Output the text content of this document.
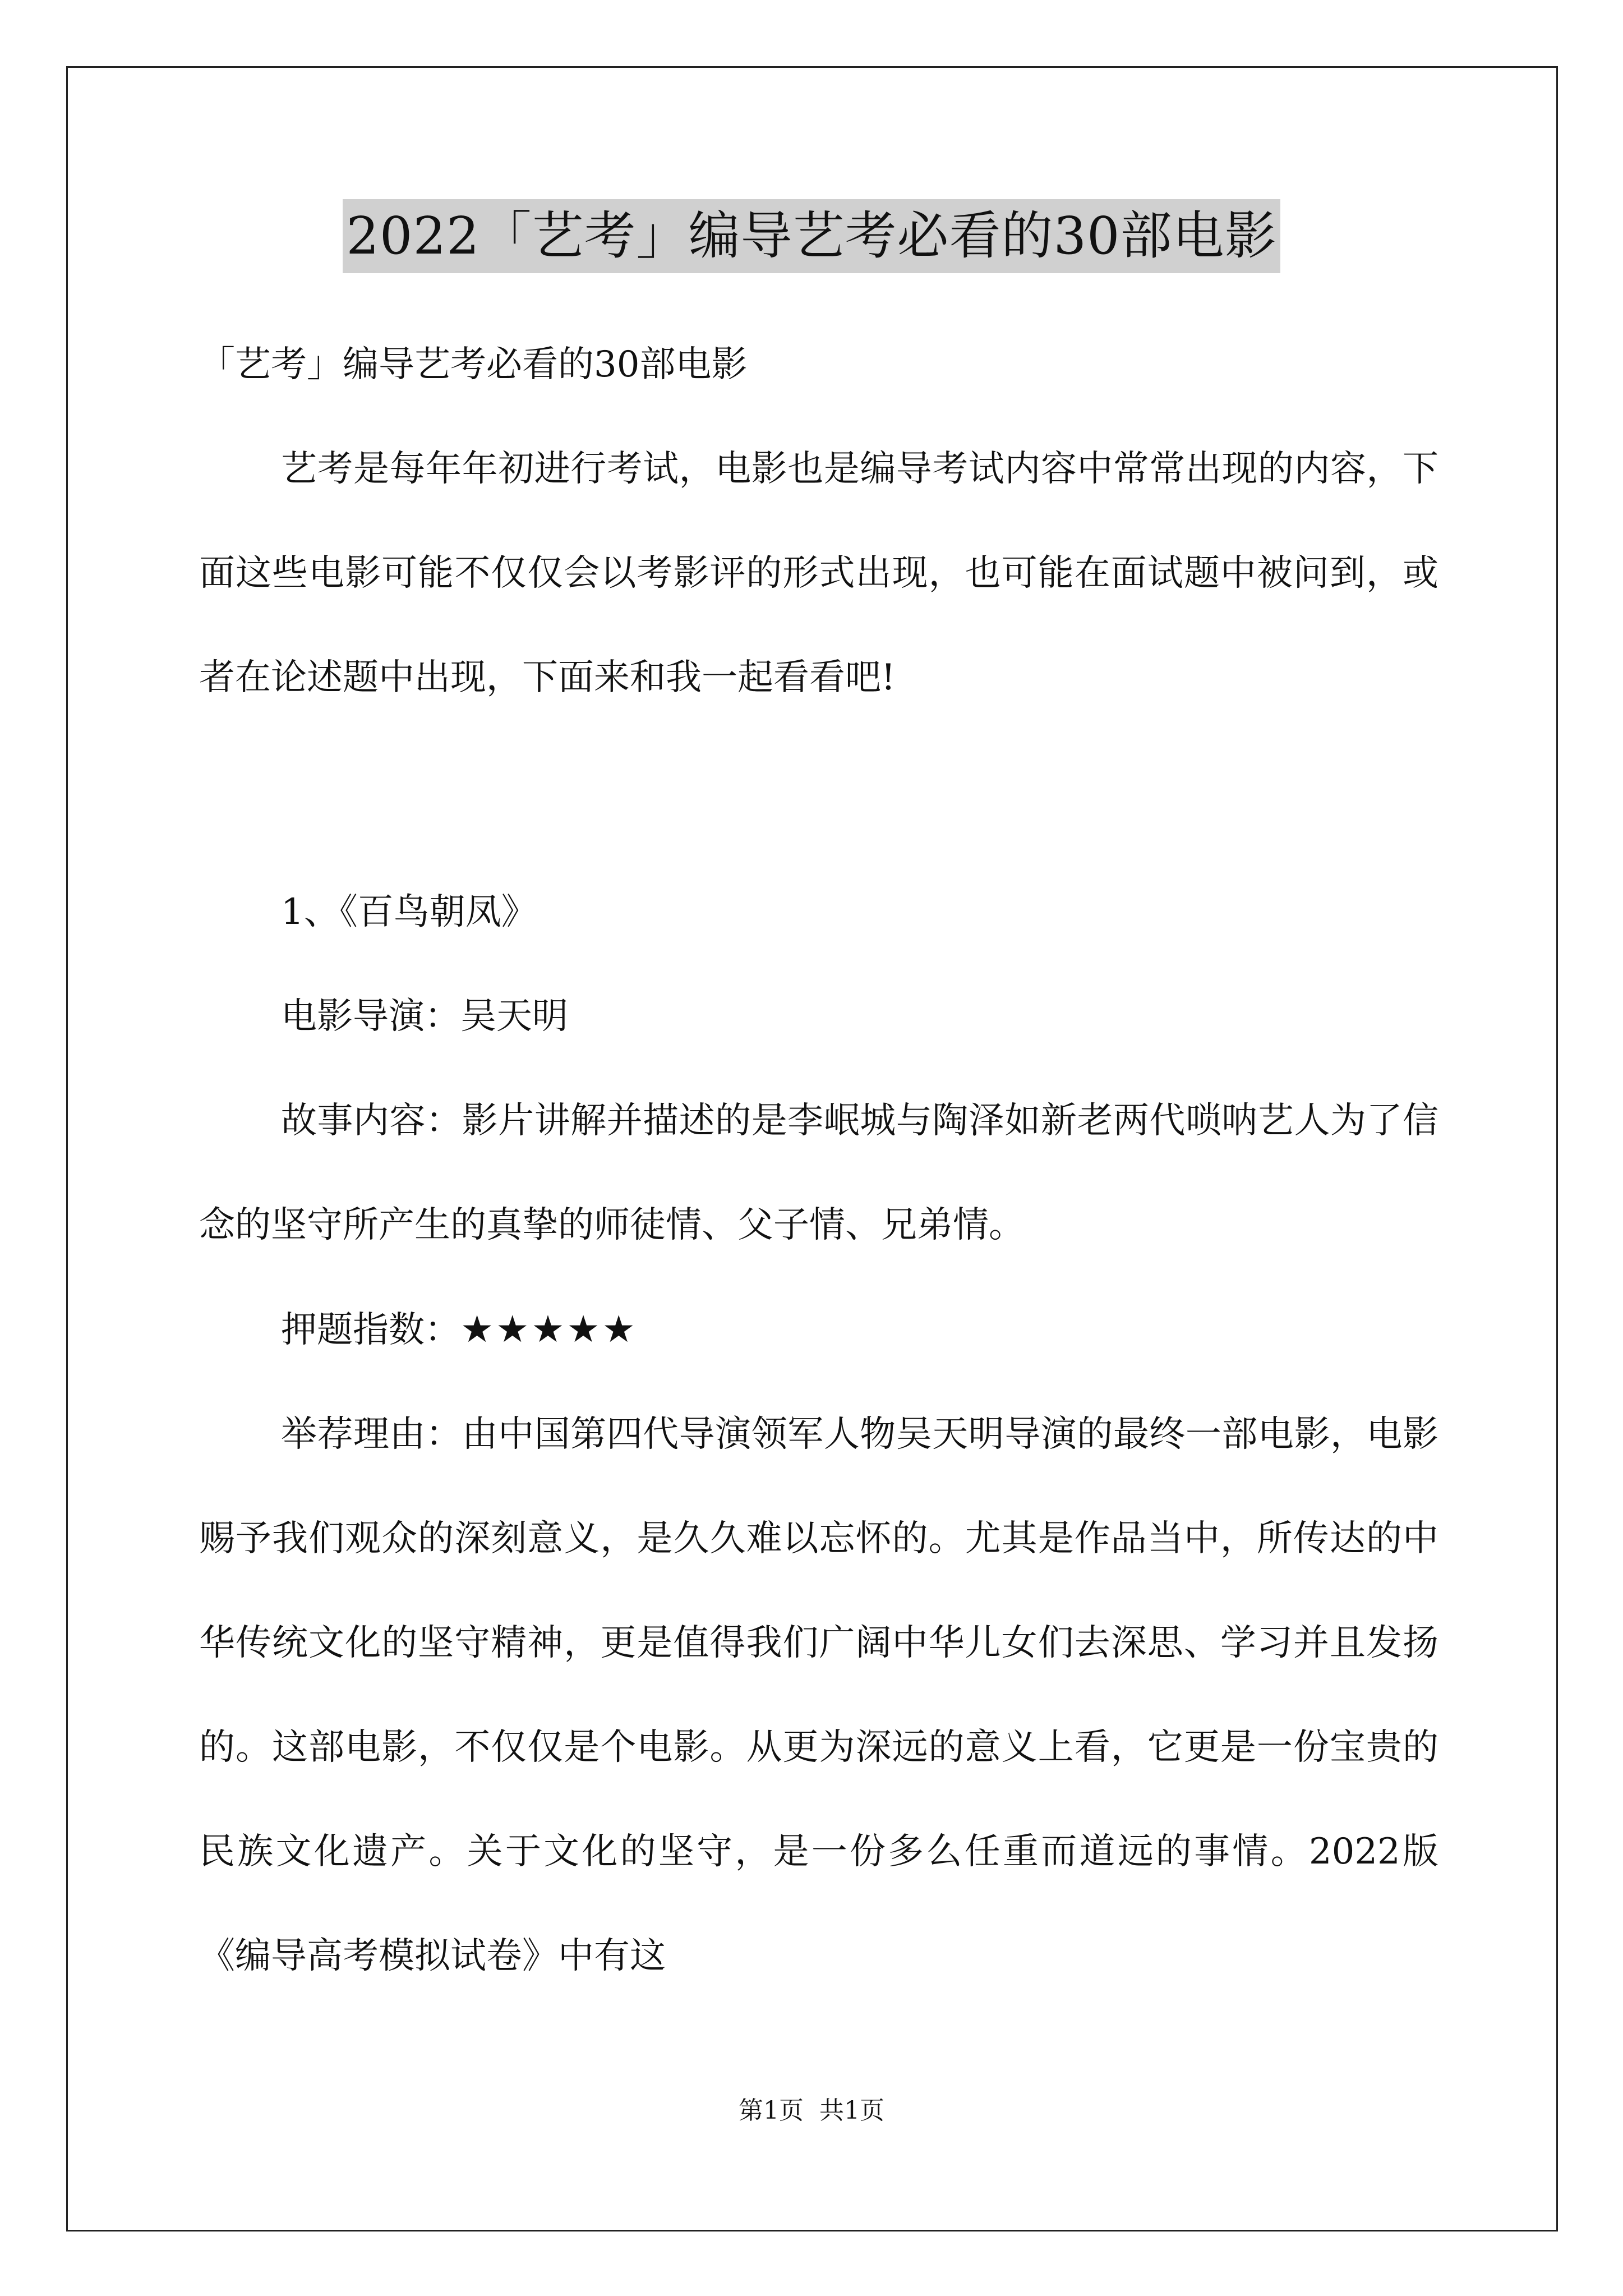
2022「艺考」编导艺考必看的30部电影

「艺考」编导艺考必看的30部电影

艺考是每年年初进行考试，电影也是编导考试内容中常常出现的内容，下面这些电影可能不仅仅会以考影评的形式出现，也可能在面试题中被问到，或者在论述题中出现，下面来和我一起看看吧!

1、《百鸟朝凤》

电影导演：吴天明

故事内容：影片讲解并描述的是李岷城与陶泽如新老两代唢呐艺人为了信念的坚守所产生的真挚的师徒情、父子情、兄弟情。

押题指数：★★★★★

举荐理由：由中国第四代导演领军人物吴天明导演的最终一部电影，电影赐予我们观众的深刻意义，是久久难以忘怀的。尤其是作品当中，所传达的中华传统文化的坚守精神，更是值得我们广阔中华儿女们去深思、学习并且发扬的。这部电影，不仅仅是个电影。从更为深远的意义上看，它更是一份宝贵的民族文化遗产。关于文化的坚守，是一份多么任重而道远的事情。2022版《编导高考模拟试卷》中有这

第1页 共1页
